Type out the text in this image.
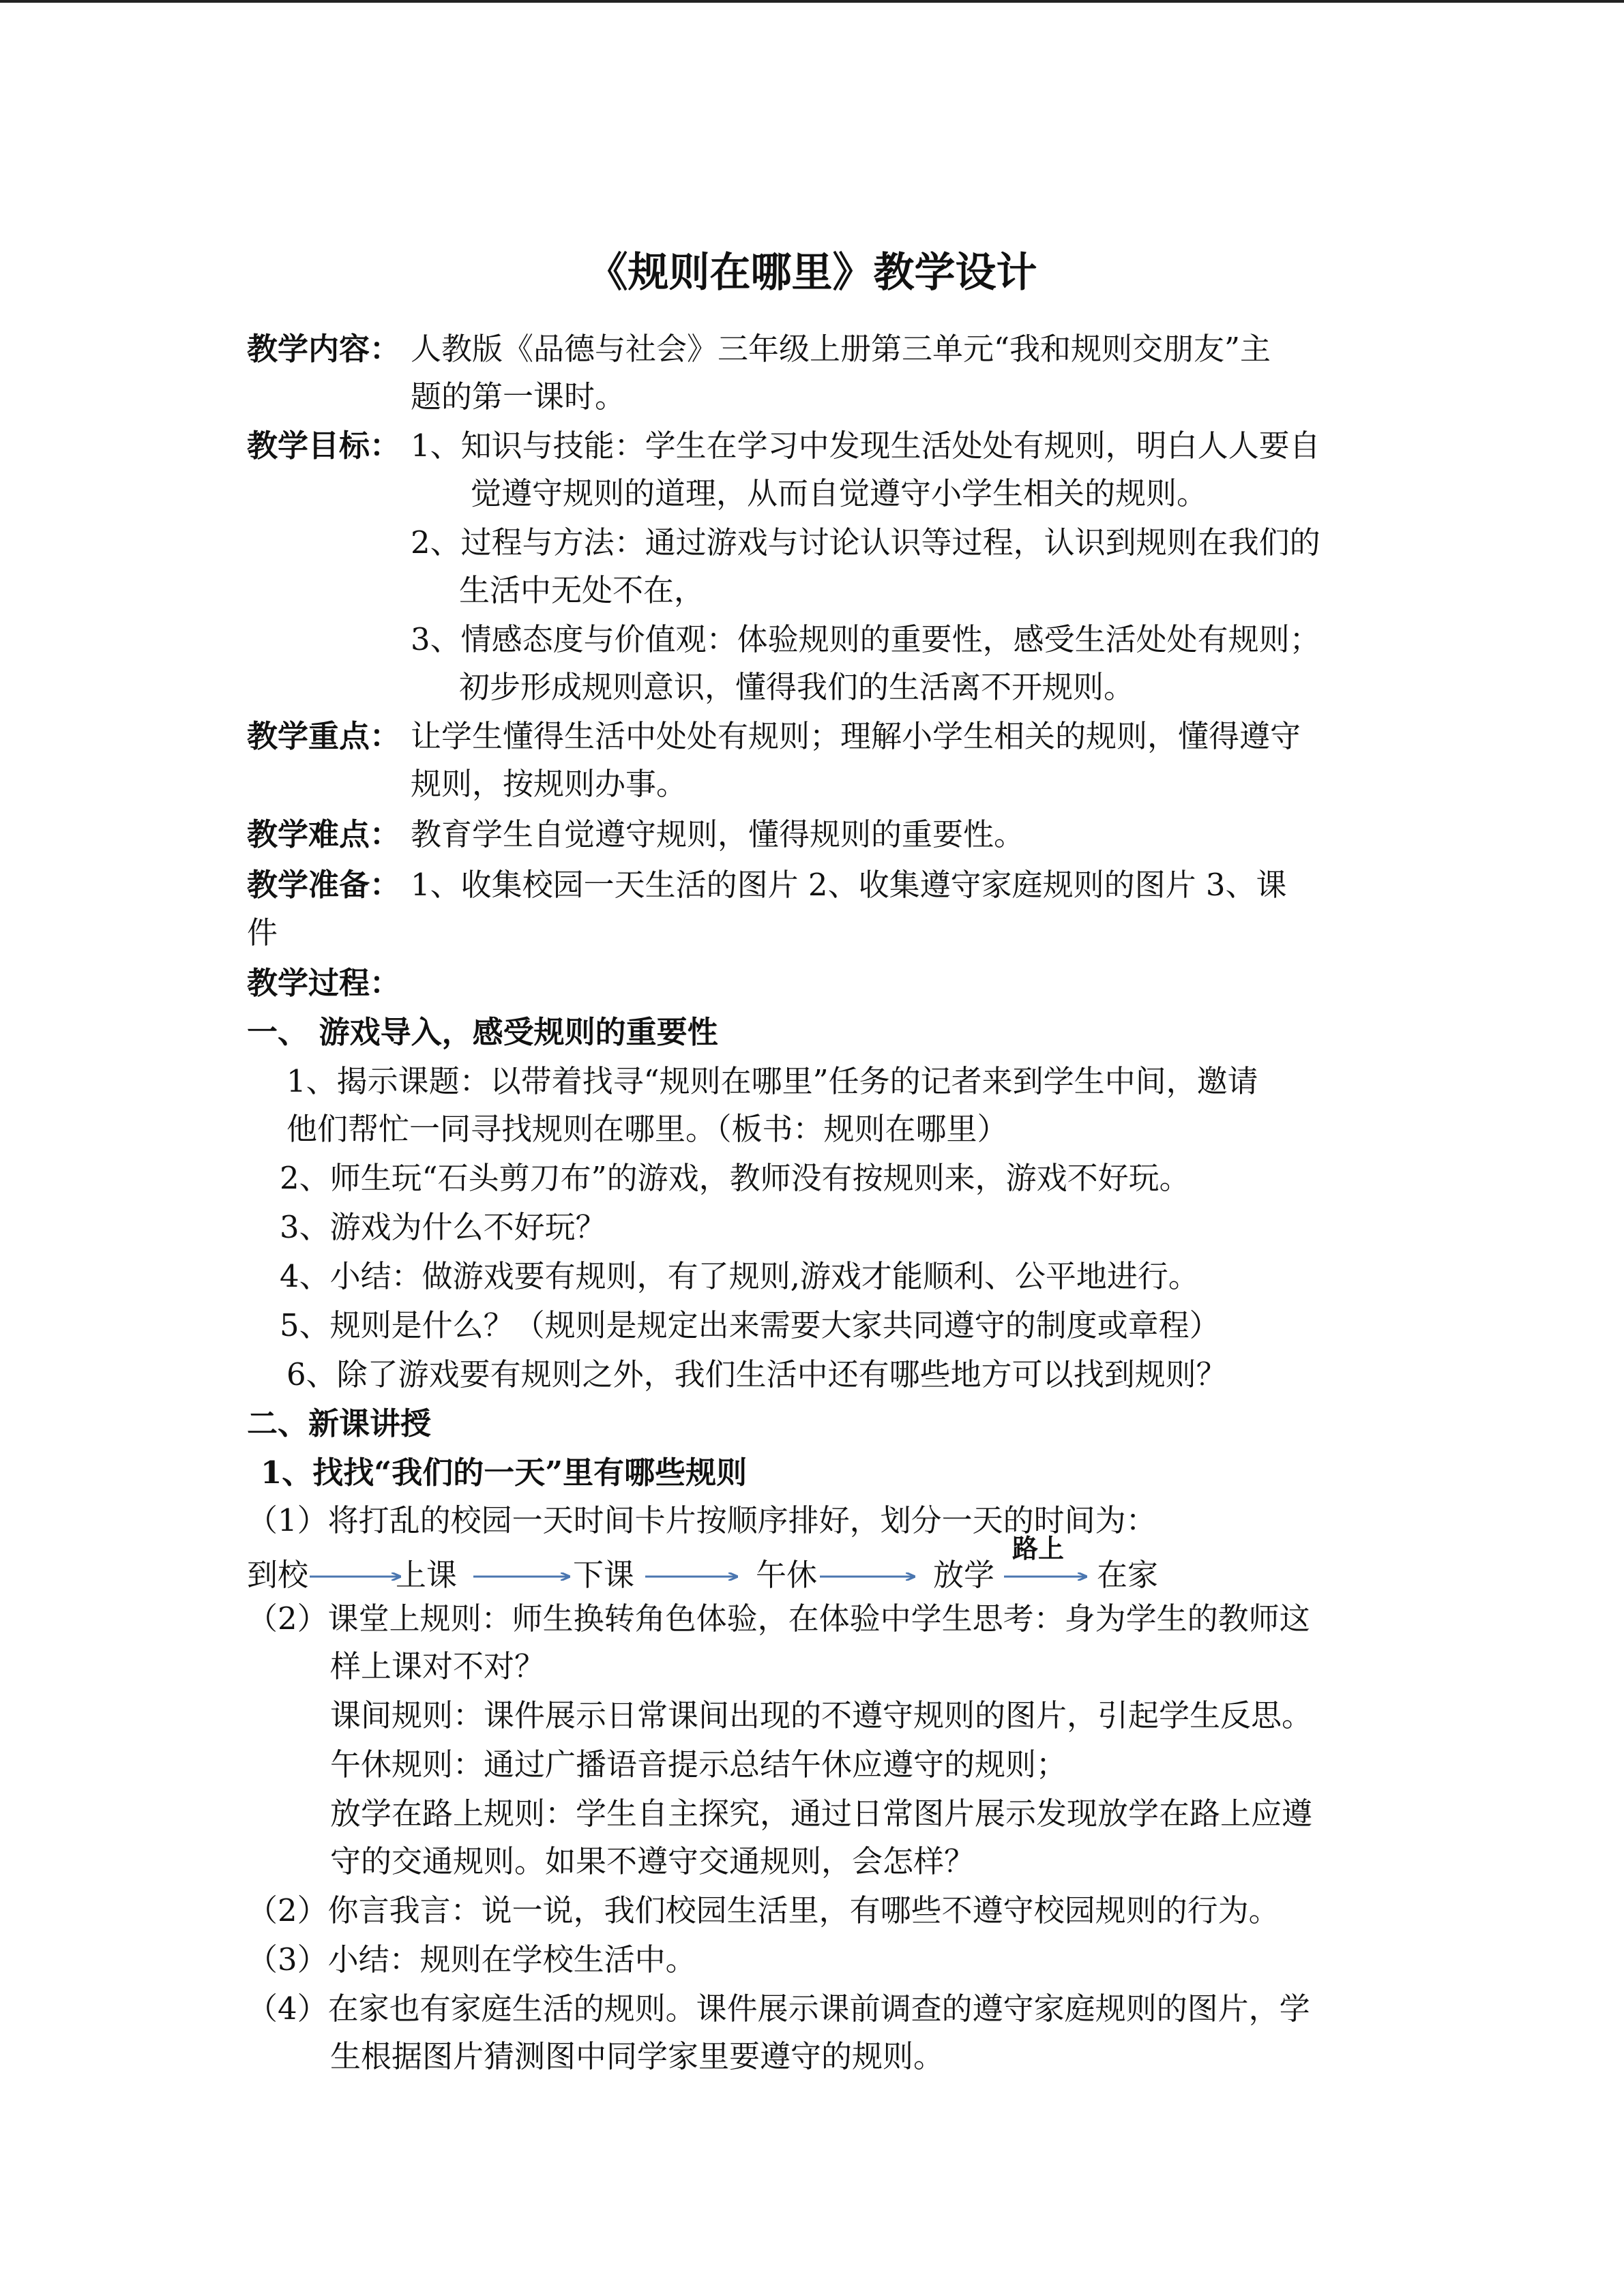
《规则在哪里》教学设计
教学内容： 人教版《品德与社会》三年级上册第三单元“我和规则交朋友”主
题的第一课时。
教学目标： 1、知识与技能：学生在学习中发现生活处处有规则，明白人人要自
觉遵守规则的道理，从而自觉遵守小学生相关的规则。
2、过程与方法：通过游戏与讨论认识等过程，认识到规则在我们的
生活中无处不在，
3、情感态度与价值观：体验规则的重要性，感受生活处处有规则；
初步形成规则意识，懂得我们的生活离不开规则。
教学重点： 让学生懂得生活中处处有规则；理解小学生相关的规则，懂得遵守
规则，按规则办事。
教学难点： 教育学生自觉遵守规则，懂得规则的重要性。
教学准备： 1、收集校园一天生活的图片 2、收集遵守家庭规则的图片 3、课
件
教学过程：
一、 游戏导入，感受规则的重要性
1、揭示课题：以带着找寻“规则在哪里”任务的记者来到学生中间，邀请
他们帮忙一同寻找规则在哪里。（板书：规则在哪里）
2、师生玩“石头剪刀布”的游戏，教师没有按规则来，游戏不好玩。
3、游戏为什么不好玩？
4、小结：做游戏要有规则，有了规则,游戏才能顺利、公平地进行。
5、规则是什么？（规则是规定出来需要大家共同遵守的制度或章程）
6、除了游戏要有规则之外，我们生活中还有哪些地方可以找到规则？
二、新课讲授
1、找找“我们的一天”里有哪些规则
（1）将打乱的校园一天时间卡片按顺序排好，划分一天的时间为：
到校	上课	下课	午休	放学
路上
在家
（2）课堂上规则：师生换转角色体验，在体验中学生思考：身为学生的教师这
样上课对不对？
课间规则：课件展示日常课间出现的不遵守规则的图片，引起学生反思。
午休规则：通过广播语音提示总结午休应遵守的规则；
放学在路上规则：学生自主探究，通过日常图片展示发现放学在路上应遵
守的交通规则。如果不遵守交通规则，会怎样？
（2）你言我言：说一说，我们校园生活里，有哪些不遵守校园规则的行为。
（3）小结：规则在学校生活中。
（4）在家也有家庭生活的规则。课件展示课前调查的遵守家庭规则的图片，学
生根据图片猜测图中同学家里要遵守的规则。
